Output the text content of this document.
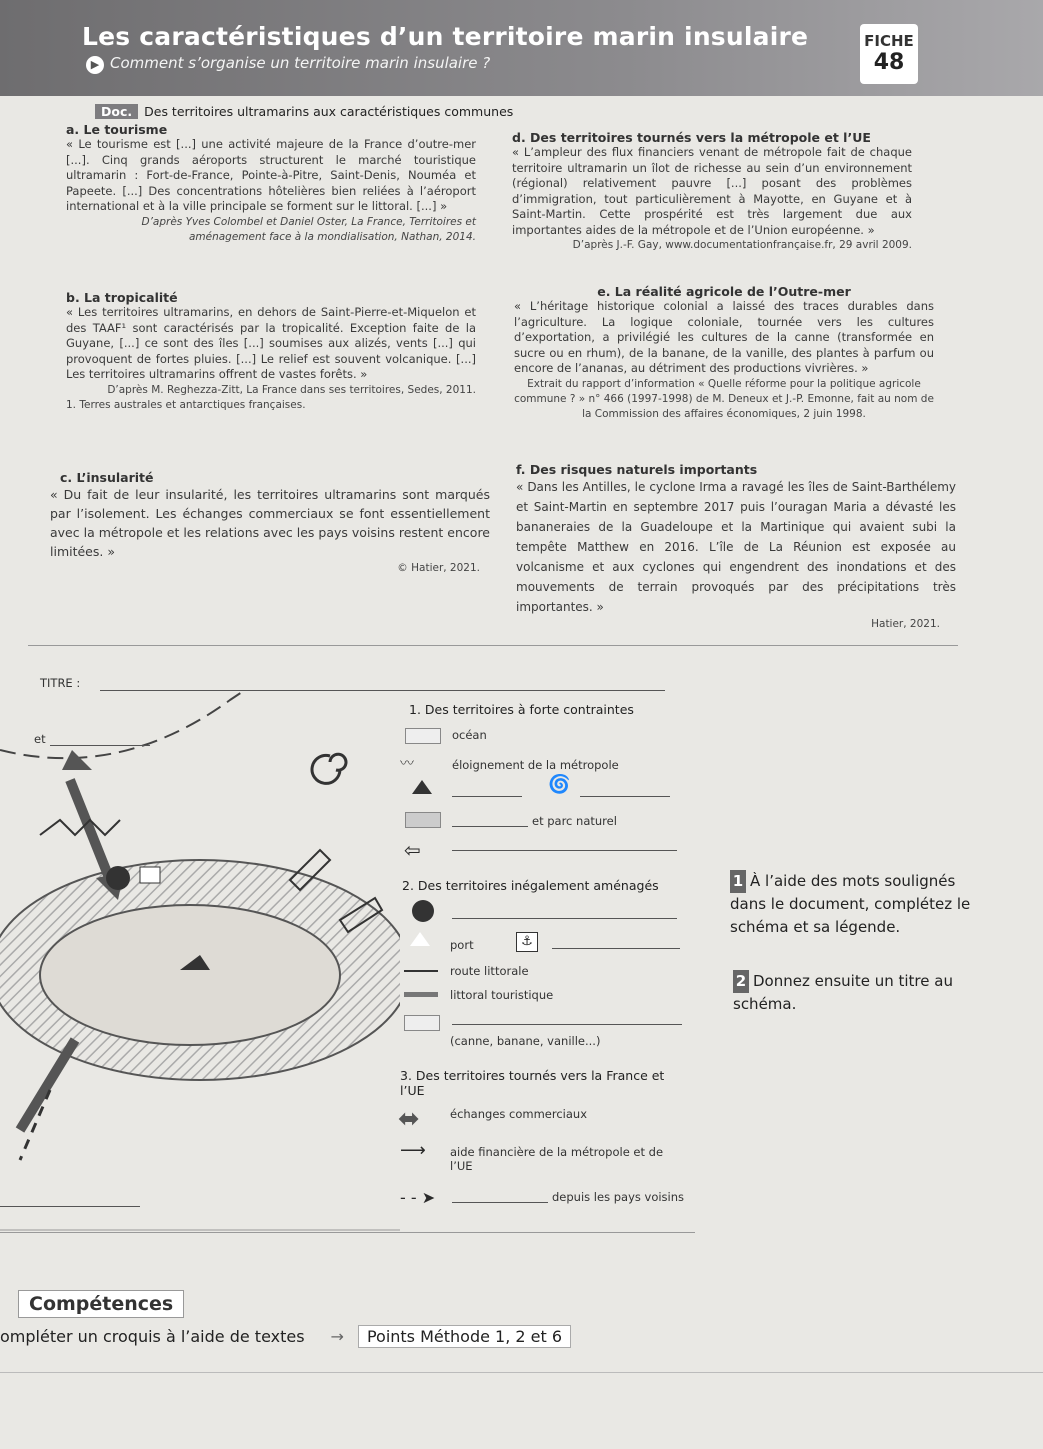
Les caractéristiques d’un territoire marin insulaire
▶ Comment s’organise un territoire marin insulaire ?
FICHE
48
Doc. Des territoires ultramarins aux caractéristiques communes
a. Le tourisme
« Le tourisme est [...] une activité majeure de la France d’outre-mer [...]. Cinq grands aéroports structurent le marché touristique ultramarin : Fort-de-France, Pointe-à-Pitre, Saint-Denis, Nouméa et Papeete. [...] Des concentrations hôtelières bien reliées à l’aéroport international et à la ville principale se forment sur le littoral. [...] »
D’après Yves Colombel et Daniel Oster, La France, Territoires et aménagement face à la mondialisation, Nathan, 2014.
b. La tropicalité
« Les territoires ultramarins, en dehors de Saint-Pierre-et-Miquelon et des TAAF¹ sont caractérisés par la tropicalité. Exception faite de la Guyane, [...] ce sont des îles [...] soumises aux alizés, vents [...] qui provoquent de fortes pluies. [...] Le relief est souvent volcanique. [...] Les territoires ultramarins offrent de vastes forêts. »
D’après M. Reghezza-Zitt, La France dans ses territoires, Sedes, 2011.
1. Terres australes et antarctiques françaises.
c. L’insularité
« Du fait de leur insularité, les territoires ultramarins sont marqués par l’isolement. Les échanges commerciaux se font essentiellement avec la métropole et les relations avec les pays voisins restent encore limitées. »
© Hatier, 2021.
d. Des territoires tournés vers la métropole et l’UE
« L’ampleur des flux financiers venant de métropole fait de chaque territoire ultramarin un îlot de richesse au sein d’un environnement (régional) relativement pauvre [...] posant des problèmes d’immigration, tout particulièrement à Mayotte, en Guyane et à Saint-Martin. Cette prospérité est très largement due aux importantes aides de la métropole et de l’Union européenne. »
D’après J.-F. Gay, www.documentationfrançaise.fr, 29 avril 2009.
e. La réalité agricole de l’Outre-mer
« L’héritage historique colonial a laissé des traces durables dans l’agriculture. La logique coloniale, tournée vers les cultures d’exportation, a privilégié les cultures de la canne (transformée en sucre ou en rhum), de la banane, de la vanille, des plantes à parfum ou encore de l’ananas, au détriment des productions vivrières. »
Extrait du rapport d’information « Quelle réforme pour la politique agricole commune ? » n° 466 (1997-1998) de M. Deneux et J.-P. Emonne, fait au nom de la Commission des affaires économiques, 2 juin 1998.
f. Des risques naturels importants
« Dans les Antilles, le cyclone Irma a ravagé les îles de Saint-Barthélemy et Saint-Martin en septembre 2017 puis l’ouragan Maria a dévasté les bananeraies de la Guadeloupe et la Martinique qui avaient subi la tempête Matthew en 2016. L’île de La Réunion est exposée au volcanisme et aux cyclones qui engendrent des inondations et des mouvements de terrain provoqués par des précipitations très importantes. »
Hatier, 2021.
TITRE :
et
1. Des territoires à forte contraintes
océan
〰	éloignement de la métropole
🌀
et parc naturel
⇦
2. Des territoires inégalement aménagés
port	⚓
route littorale
littoral touristique
(canne, banane, vanille...)
3. Des territoires tournés vers la France et l’UE
⬌	échanges commerciaux
⟶ aide financière de la métropole et de l’UE
- - ➤	depuis les pays voisins
1 À l’aide des mots soulignés dans le document, complétez le schéma et sa légende.
2 Donnez ensuite un titre au schéma.
Compétences
ompléter un croquis à l’aide de textes → Points Méthode 1, 2 et 6
